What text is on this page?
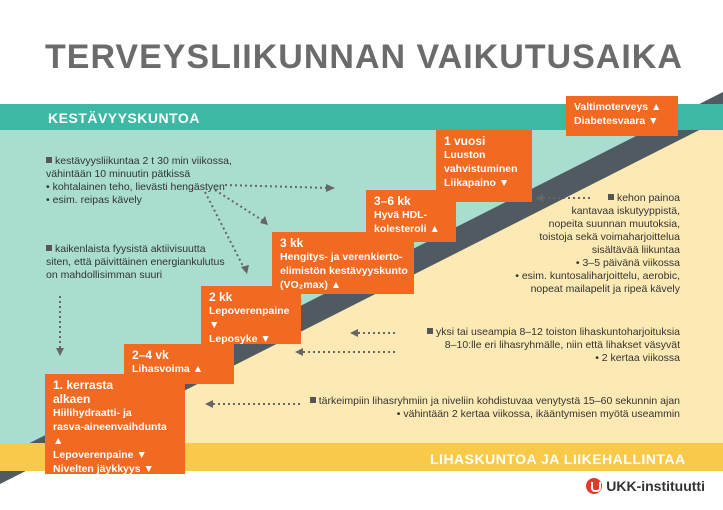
TERVEYSLIIKUNNAN VAIKUTUSAIKA
KESTÄVYYSKUNTOA
LIHASKUNTOA JA LIIKEHALLINTAA
1. kerrasta
alkaen
Hiilihydraatti- ja
rasva-aineenvaihdunta ▲
Lepoverenpaine ▼
Nivelten jäykkyys ▼
2–4 vk
Lihasvoima ▲
2 kk
Lepoverenpaine ▼
Leposyke ▼
3 kk
Hengitys- ja verenkierto-
elimistön kestävyyskunto
(VO₂max) ▲
3–6 kk
Hyvä HDL-
kolesteroli ▲
1 vuosi
Luuston
vahvistuminen
Liikapaino ▼
Valtimoterveys ▲
Diabetesvaara ▼

kestävyysliikuntaa 2 t 30 min viikossa,

vähintään 10 minuutin pätkissä

• kohtalainen teho, lievästi hengästyen

• esim. reipas kävely

kaikenlaista fyysistä aktiivisuutta

siten, että päivittäinen energiankulutus

on mahdollisimman suuri

kehon painoa

kantavaa iskutyyppistä,

nopeita suunnan muutoksia,

toistoja sekä voimaharjoittelua

sisältävää liikuntaa

• 3–5 päivänä viikossa

• esim. kuntosaliharjoittelu, aerobic,

nopeat mailapelit ja ripeä kävely

yksi tai useampia 8–12 toiston lihaskuntoharjoituksia

8–10:lle eri lihasryhmälle, niin että lihakset väsyvät

• 2 kertaa viikossa

tärkeimpiin lihasryhmiin ja niveliin kohdistuvaa venytystä 15–60 sekunnin ajan

• vähintään 2 kertaa viikossa, ikääntymisen myötä useammin

UKK-instituutti
